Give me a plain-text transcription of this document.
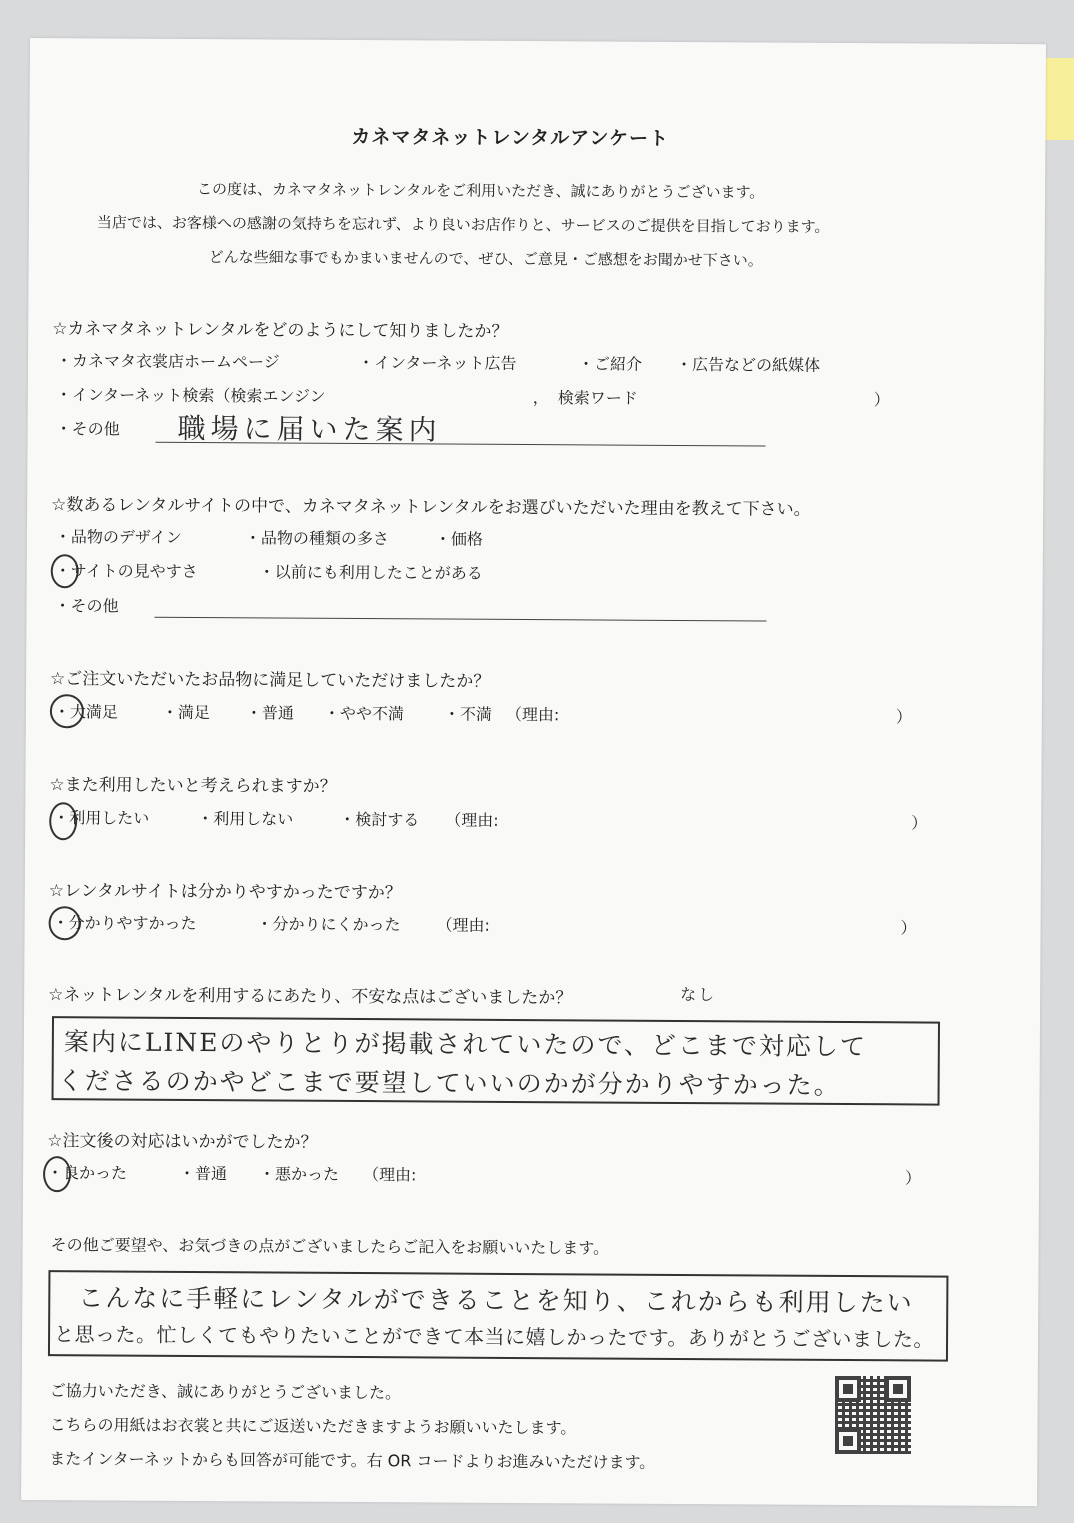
カネマタネットレンタルアンケート
この度は、カネマタネットレンタルをご利用いただき、誠にありがとうございます。
当店では、お客様への感謝の気持ちを忘れず、より良いお店作りと、サービスのご提供を目指しております。
どんな些細な事でもかまいませんので、ぜひ、ご意見・ご感想をお聞かせ下さい。
☆カネマタネットレンタルをどのようにして知りましたか？
・カネマタ衣裳店ホームページ	・インターネット広告	・ご紹介 ・広告などの紙媒体
・インターネット検索（検索エンジン	， 検索ワード	）
・その他 職場に届いた案内
☆数あるレンタルサイトの中で、カネマタネットレンタルをお選びいただいた理由を教えて下さい。
・品物のデザイン	・品物の種類の多さ	・価格
・サイトの見やすさ	・以前にも利用したことがある
・その他
☆ご注文いただいたお品物に満足していただけましたか？
・大満足	・満足 ・普通 ・やや不満 ・不満 （理由:	）
☆また利用したいと考えられますか？
・利用したい	・利用しない	・検討する （理由:	）
☆レンタルサイトは分かりやすかったですか？
・分かりやすかった	・分かりにくかった （理由:	）
☆ネットレンタルを利用するにあたり、不安な点はございましたか？	なし
案内にLINEのやりとりが掲載されていたので、どこまで対応して
くださるのかやどこまで要望していいのかが分かりやすかった。
☆注文後の対応はいかがでしたか？
・良かった	・普通 ・悪かった （理由:	）
その他ご要望や、お気づきの点がございましたらご記入をお願いいたします。
こんなに手軽にレンタルができることを知り、これからも利用したい
と思った。忙しくてもやりたいことができて本当に嬉しかったです。ありがとうございました。
ご協力いただき、誠にありがとうございました。
こちらの用紙はお衣裳と共にご返送いただきますようお願いいたします。
またインターネットからも回答が可能です。右 OR コードよりお進みいただけます。
